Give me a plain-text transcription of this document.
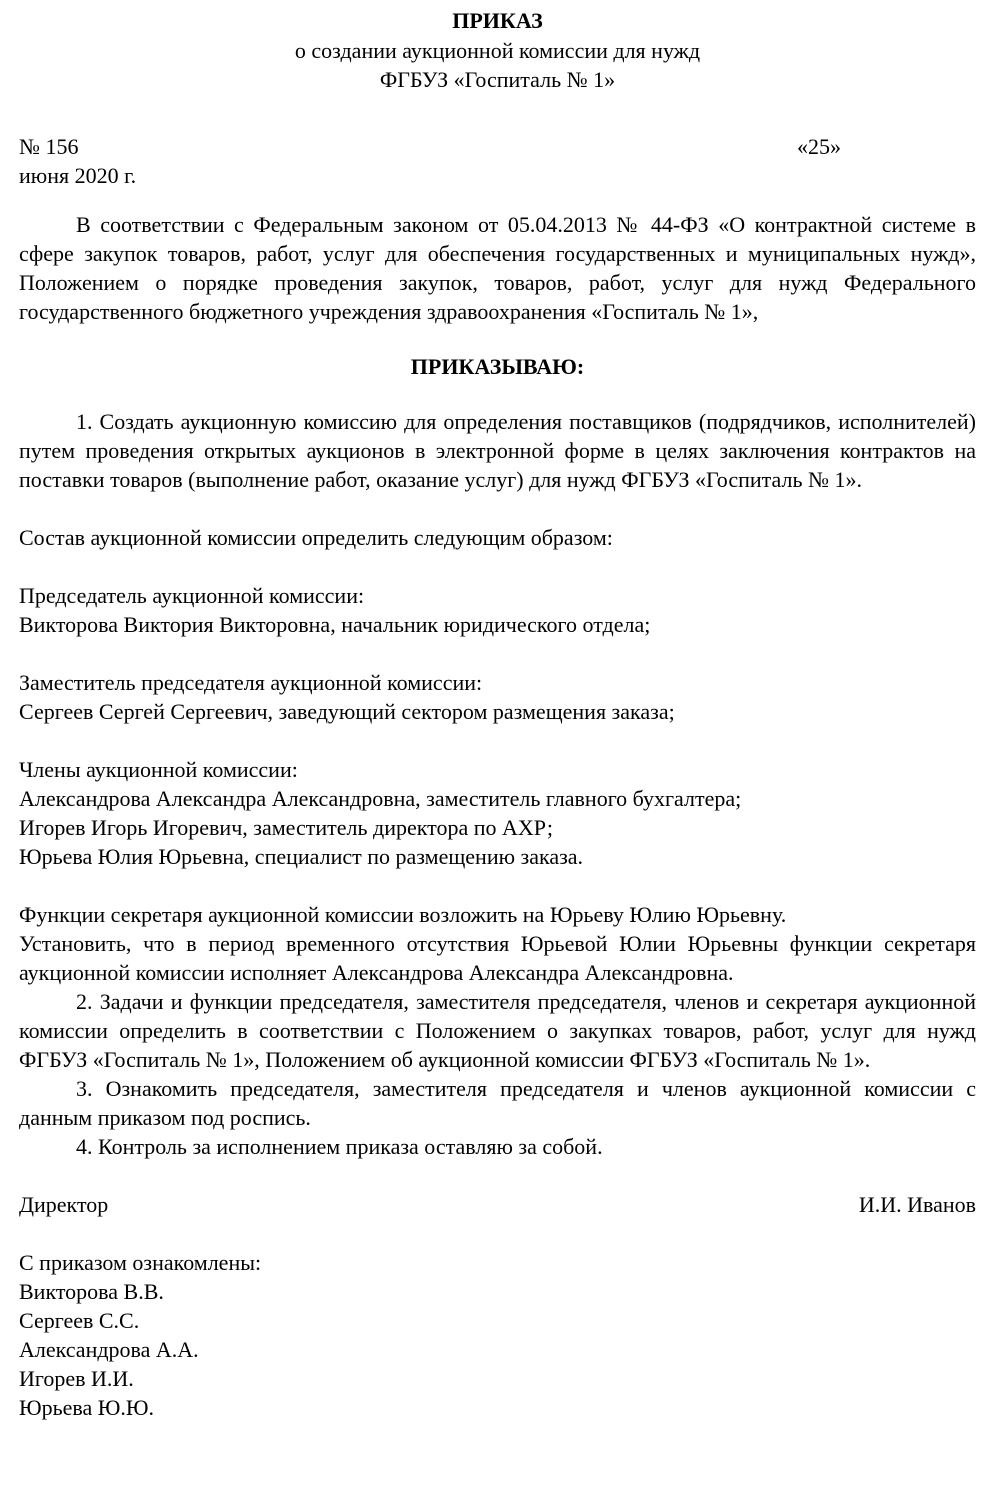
ПРИКАЗ
о создании аукционной комиссии для нужд
ФГБУЗ «Госпиталь № 1»
№ 156	«25»
июня 2020 г.

В соответствии с Федеральным законом от 05.04.2013 № 44-ФЗ «О контрактной системе в сфере закупок товаров, работ, услуг для обеспечения государственных и муниципальных нужд», Положением о порядке проведения закупок, товаров, работ, услуг для нужд Федерального государственного бюджетного учреждения здравоохранения «Госпиталь № 1»,

ПРИКАЗЫВАЮ:

1. Создать аукционную комиссию для определения поставщиков (подрядчиков, исполнителей) путем проведения открытых аукционов в электронной форме в целях заключения контрактов на поставки товаров (выполнение работ, оказание услуг) для нужд ФГБУЗ «Госпиталь № 1».

Состав аукционной комиссии определить следующим образом:
Председатель аукционной комиссии:
Викторова Виктория Викторовна, начальник юридического отдела;
Заместитель председателя аукционной комиссии:
Сергеев Сергей Сергеевич, заведующий сектором размещения заказа;
Члены аукционной комиссии:
Александрова Александра Александровна, заместитель главного бухгалтера;
Игорев Игорь Игоревич, заместитель директора по АХР;
Юрьева Юлия Юрьевна, специалист по размещению заказа.
Функции секретаря аукционной комиссии возложить на Юрьеву Юлию Юрьевну.

Установить, что в период временного отсутствия Юрьевой Юлии Юрьевны функции секретаря аукционной комиссии исполняет Александрова Александра Александровна.

2. Задачи и функции председателя, заместителя председателя, членов и секретаря аукционной комиссии определить в соответствии с Положением о закупках товаров, работ, услуг для нужд ФГБУЗ «Госпиталь № 1», Положением об аукционной комиссии ФГБУЗ «Госпиталь № 1».

3. Ознакомить председателя, заместителя председателя и членов аукционной комиссии с данным приказом под роспись.

4. Контроль за исполнением приказа оставляю за собой.

Директор	И.И. Иванов
С приказом ознакомлены:
Викторова В.В.
Сергеев С.С.
Александрова А.А.
Игорев И.И.
Юрьева Ю.Ю.
